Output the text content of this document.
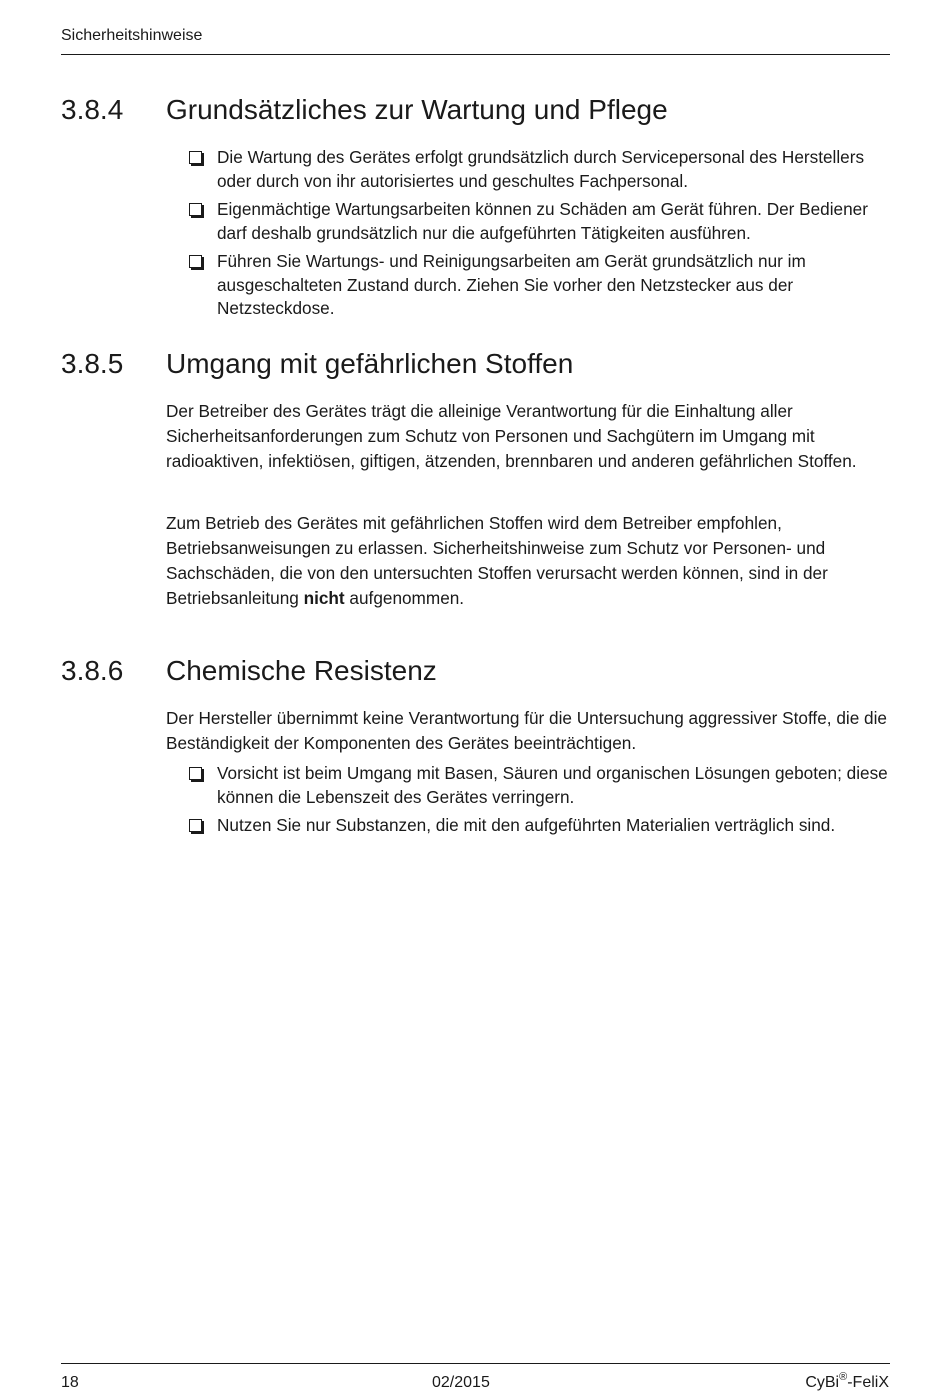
Sicherheitshinweise
3.8.4 Grundsätzliches zur Wartung und Pflege
Die Wartung des Gerätes erfolgt grundsätzlich durch Servicepersonal des Herstellers oder durch von ihr autorisiertes und geschultes Fachpersonal.
Eigenmächtige Wartungsarbeiten können zu Schäden am Gerät führen. Der Bediener darf deshalb grundsätzlich nur die aufgeführten Tätigkeiten ausführen.
Führen Sie Wartungs- und Reinigungsarbeiten am Gerät grundsätzlich nur im ausgeschalteten Zustand durch. Ziehen Sie vorher den Netzstecker aus der Netzsteckdose.
3.8.5 Umgang mit gefährlichen Stoffen

Der Betreiber des Gerätes trägt die alleinige Verantwortung für die Einhaltung aller Sicherheitsanforderungen zum Schutz von Personen und Sachgütern im Umgang mit radioaktiven, infektiösen, giftigen, ätzenden, brennbaren und anderen gefährlichen Stoffen.

Zum Betrieb des Gerätes mit gefährlichen Stoffen wird dem Betreiber empfohlen, Betriebsanweisungen zu erlassen. Sicherheitshinweise zum Schutz vor Personen- und Sachschäden, die von den untersuchten Stoffen verursacht werden können, sind in der Betriebsanleitung nicht aufgenommen.

3.8.6 Chemische Resistenz

Der Hersteller übernimmt keine Verantwortung für die Untersuchung aggressiver Stoffe, die die Beständigkeit der Komponenten des Gerätes beeinträchtigen.

Vorsicht ist beim Umgang mit Basen, Säuren und organischen Lösungen geboten; diese können die Lebenszeit des Gerätes verringern.
Nutzen Sie nur Substanzen, die mit den aufgeführten Materialien verträglich sind.
18	02/2015	CyBi®-FeliX
